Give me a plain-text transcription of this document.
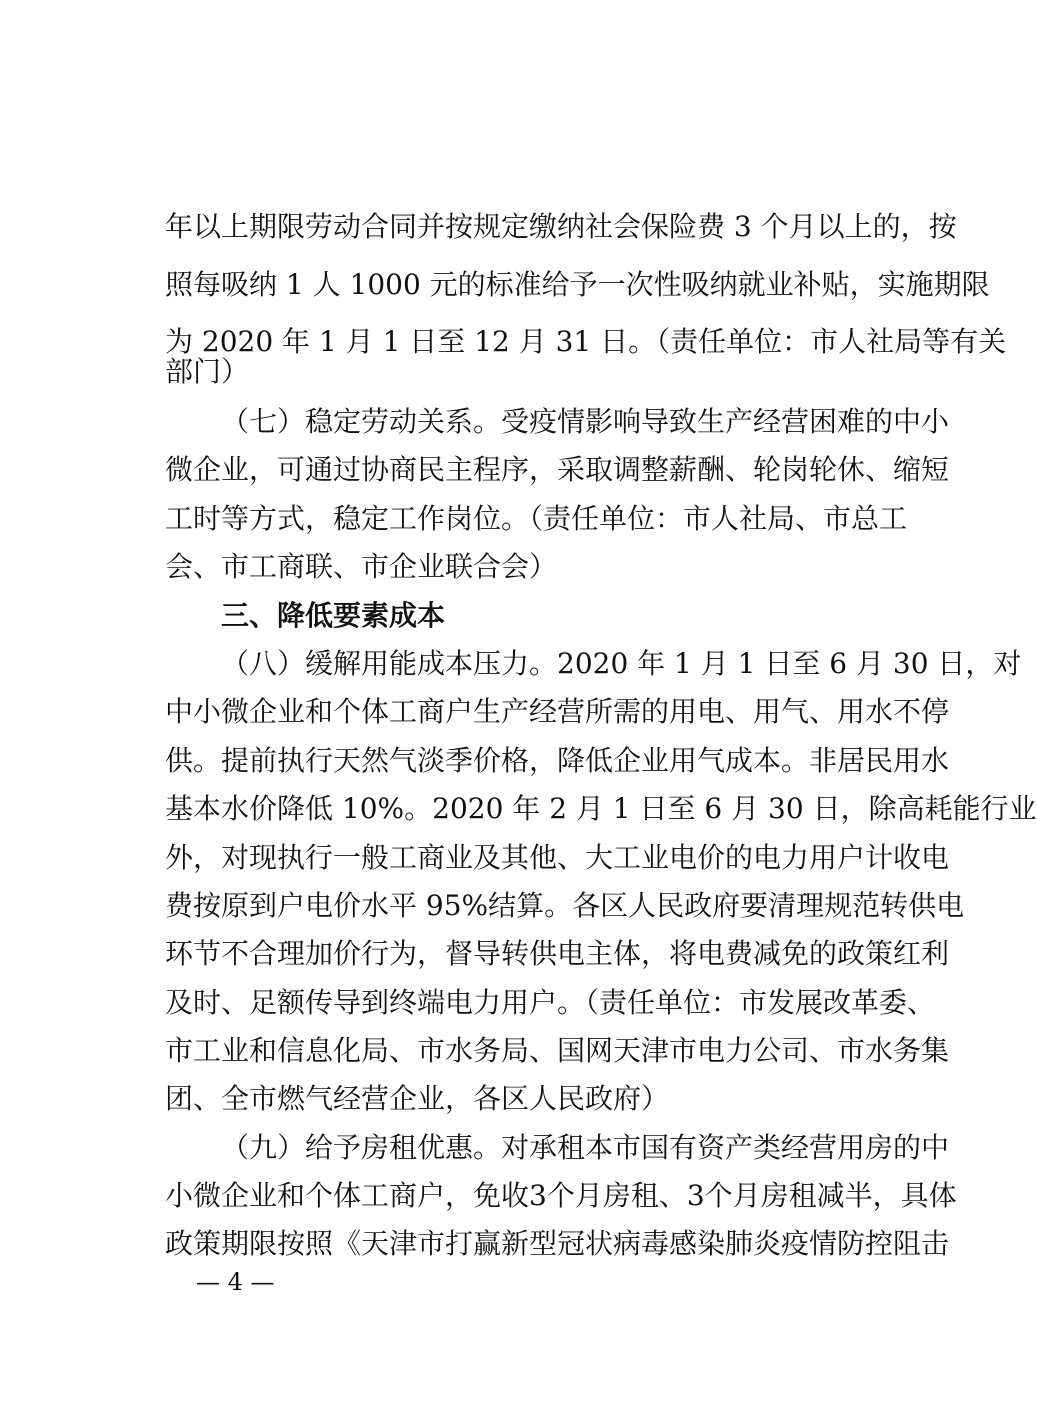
年以上期限劳动合同并按规定缴纳社会保险费 3 个月以上的，按
照每吸纳 1 人 1000 元的标准给予一次性吸纳就业补贴，实施期限
为 2020 年 1 月 1 日至 12 月 31 日。（责任单位：市人社局等有关
部门）
（七）稳定劳动关系。受疫情影响导致生产经营困难的中小
微企业，可通过协商民主程序，采取调整薪酬、轮岗轮休、缩短
工时等方式，稳定工作岗位。（责任单位：市人社局、市总工
会、市工商联、市企业联合会）
三、降低要素成本
（八）缓解用能成本压力。2020 年 1 月 1 日至 6 月 30 日，对
中小微企业和个体工商户生产经营所需的用电、用气、用水不停
供。提前执行天然气淡季价格，降低企业用气成本。非居民用水
基本水价降低 10%。2020 年 2 月 1 日至 6 月 30 日，除高耗能行业
外，对现执行一般工商业及其他、大工业电价的电力用户计收电
费按原到户电价水平 95%结算。各区人民政府要清理规范转供电
环节不合理加价行为，督导转供电主体，将电费减免的政策红利
及时、足额传导到终端电力用户。（责任单位：市发展改革委、
市工业和信息化局、市水务局、国网天津市电力公司、市水务集
团、全市燃气经营企业，各区人民政府）
（九）给予房租优惠。对承租本市国有资产类经营用房的中
小微企业和个体工商户，免收3个月房租、3个月房租减半，具体
政策期限按照《天津市打赢新型冠状病毒感染肺炎疫情防控阻击
— 4 —
